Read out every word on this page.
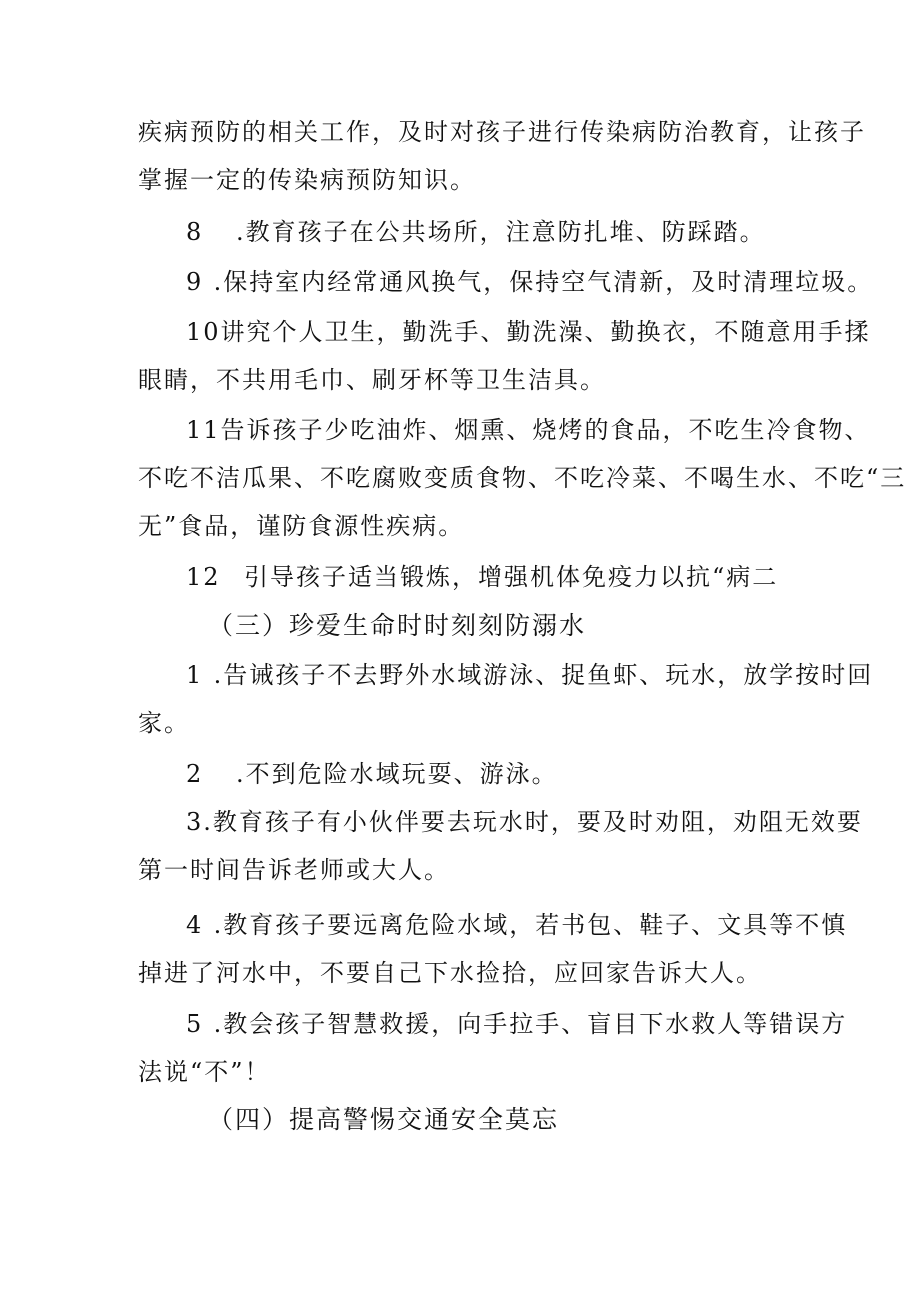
疾病预防的相关工作，及时对孩子进行传染病防治教育，让孩子
掌握一定的传染病预防知识。
8 .教育孩子在公共场所，注意防扎堆、防踩踏。
9 .保持室内经常通风换气，保持空气清新，及时清理垃圾。
10讲究个人卫生，勤洗手、勤洗澡、勤换衣，不随意用手揉
眼睛，不共用毛巾、刷牙杯等卫生洁具。
11告诉孩子少吃油炸、烟熏、烧烤的食品，不吃生冷食物、
不吃不洁瓜果、不吃腐败变质食物、不吃冷菜、不喝生水、不吃“三
无”食品，谨防食源性疾病。
12 引导孩子适当锻炼，增强机体免疫力以抗“病二
（三）珍爱生命时时刻刻防溺水
1 .告诫孩子不去野外水域游泳、捉鱼虾、玩水，放学按时回
家。
2 .不到危险水域玩耍、游泳。
3.教育孩子有小伙伴要去玩水时，要及时劝阻，劝阻无效要
第一时间告诉老师或大人。
4 .教育孩子要远离危险水域，若书包、鞋子、文具等不慎
掉进了河水中，不要自己下水捡拾，应回家告诉大人。
5 .教会孩子智慧救援，向手拉手、盲目下水救人等错误方
法说“不”！
（四）提高警惕交通安全莫忘
